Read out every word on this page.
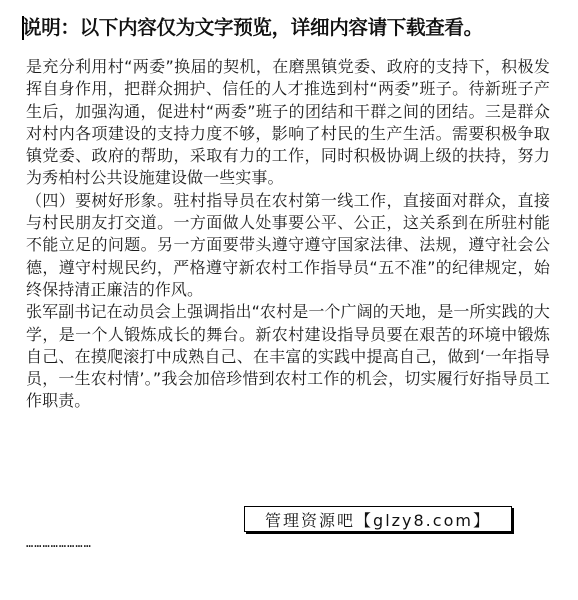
说明：以下内容仅为文字预览，详细内容请下载查看。

是充分利用村“两委”换届的契机，在磨黑镇党委、政府的支持下，积极发挥自身作用，把群众拥护、信任的人才推选到村“两委”班子。待新班子产生后，加强沟通，促进村“两委”班子的团结和干群之间的团结。三是群众对村内各项建设的支持力度不够，影响了村民的生产生活。需要积极争取镇党委、政府的帮助，采取有力的工作，同时积极协调上级的扶持，努力为秀柏村公共设施建设做一些实事。

（四）要树好形象。驻村指导员在农村第一线工作，直接面对群众，直接与村民朋友打交道。一方面做人处事要公平、公正，这关系到在所驻村能不能立足的问题。另一方面要带头遵守遵守国家法律、法规，遵守社会公德，遵守村规民约，严格遵守新农村工作指导员“五不准”的纪律规定，始终保持清正廉洁的作风。

张军副书记在动员会上强调指出“农村是一个广阔的天地，是一所实践的大学，是一个人锻炼成长的舞台。新农村建设指导员要在艰苦的环境中锻炼自己、在摸爬滚打中成熟自己、在丰富的实践中提高自己，做到‘一年指导员，一生农村情’。”我会加倍珍惜到农村工作的机会，切实履行好指导员工作职责。

管理资源吧【glzy8.com】
……………………
